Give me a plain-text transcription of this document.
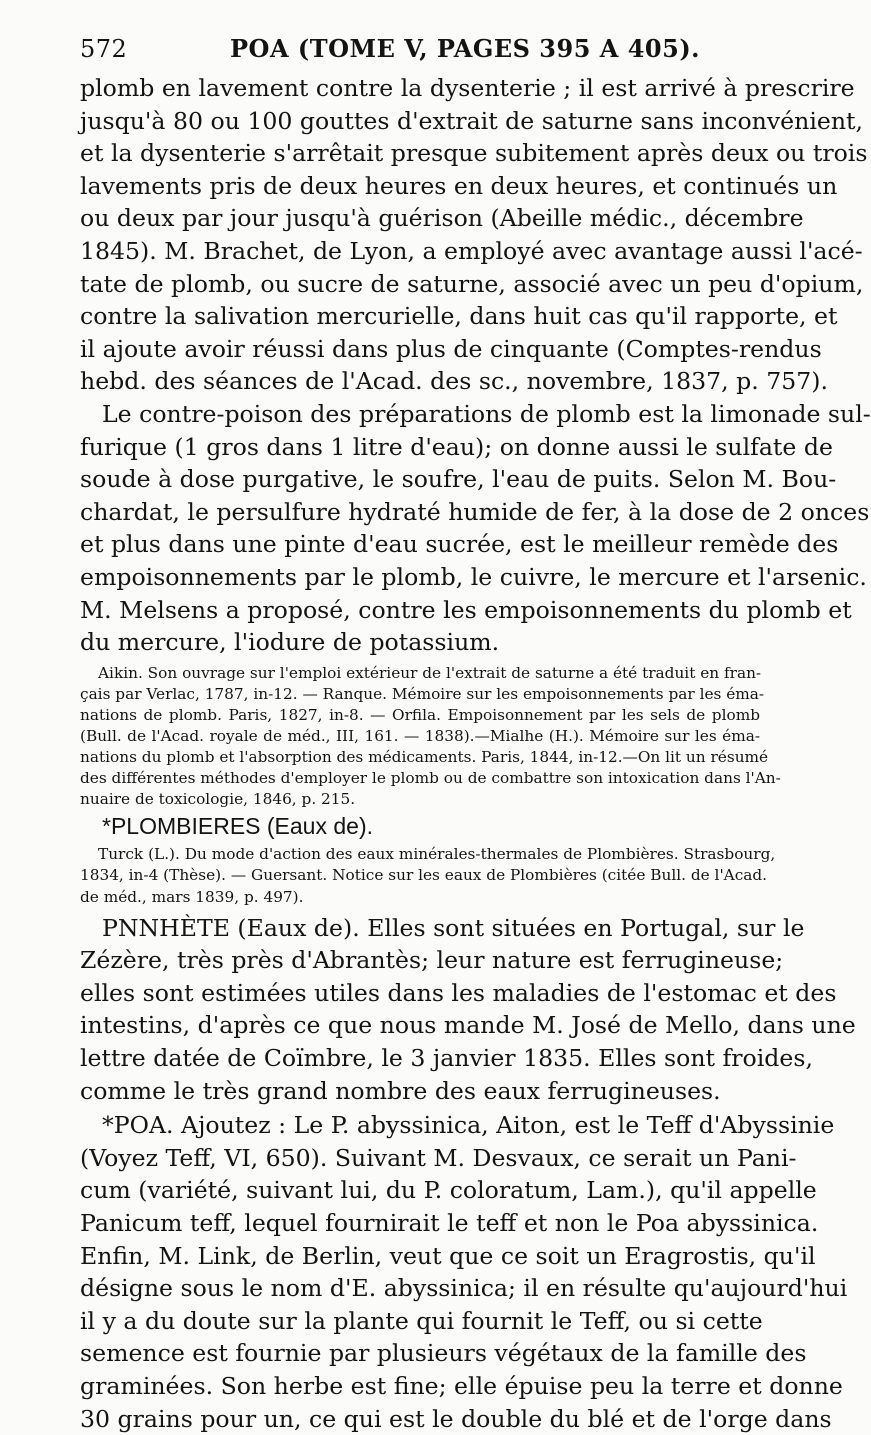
572	POA (TOME V, PAGES 395 A 405).
plomb en lavement contre la dysenterie ; il est arrivé à prescrire
jusqu'à 80 ou 100 gouttes d'extrait de saturne sans inconvénient,
et la dysenterie s'arrêtait presque subitement après deux ou trois
lavements pris de deux heures en deux heures, et continués un
ou deux par jour jusqu'à guérison (Abeille médic., décembre
1845). M. Brachet, de Lyon, a employé avec avantage aussi l'acé-
tate de plomb, ou sucre de saturne, associé avec un peu d'opium,
contre la salivation mercurielle, dans huit cas qu'il rapporte, et
il ajoute avoir réussi dans plus de cinquante (Comptes-rendus
hebd. des séances de l'Acad. des sc., novembre, 1837, p. 757).
Le contre-poison des préparations de plomb est la limonade sul-
furique (1 gros dans 1 litre d'eau); on donne aussi le sulfate de
soude à dose purgative, le soufre, l'eau de puits. Selon M. Bou-
chardat, le persulfure hydraté humide de fer, à la dose de 2 onces
et plus dans une pinte d'eau sucrée, est le meilleur remède des
empoisonnements par le plomb, le cuivre, le mercure et l'arsenic.
M. Melsens a proposé, contre les empoisonnements du plomb et
du mercure, l'iodure de potassium.
Aikin. Son ouvrage sur l'emploi extérieur de l'extrait de saturne a été traduit en fran-
çais par Verlac, 1787, in-12. — Ranque. Mémoire sur les empoisonnements par les éma-
nations de plomb. Paris, 1827, in-8. — Orfila. Empoisonnement par les sels de plomb
(Bull. de l'Acad. royale de méd., III, 161. — 1838).—Mialhe (H.). Mémoire sur les éma-
nations du plomb et l'absorption des médicaments. Paris, 1844, in-12.—On lit un résumé
des différentes méthodes d'employer le plomb ou de combattre son intoxication dans l'An-
nuaire de toxicologie, 1846, p. 215.
*PLOMBIERES (Eaux de).
Turck (L.). Du mode d'action des eaux minérales-thermales de Plombières. Strasbourg,
1834, in-4 (Thèse). — Guersant. Notice sur les eaux de Plombières (citée Bull. de l'Acad.
de méd., mars 1839, p. 497).
PNNHÈTE (Eaux de). Elles sont situées en Portugal, sur le
Zézère, très près d'Abrantès; leur nature est ferrugineuse;
elles sont estimées utiles dans les maladies de l'estomac et des
intestins, d'après ce que nous mande M. José de Mello, dans une
lettre datée de Coïmbre, le 3 janvier 1835. Elles sont froides,
comme le très grand nombre des eaux ferrugineuses.
*POA. Ajoutez : Le P. abyssinica, Aiton, est le Teff d'Abyssinie
(Voyez Teff, VI, 650). Suivant M. Desvaux, ce serait un Pani-
cum (variété, suivant lui, du P. coloratum, Lam.), qu'il appelle
Panicum teff, lequel fournirait le teff et non le Poa abyssinica.
Enfin, M. Link, de Berlin, veut que ce soit un Eragrostis, qu'il
désigne sous le nom d'E. abyssinica; il en résulte qu'aujourd'hui
il y a du doute sur la plante qui fournit le Teff, ou si cette
semence est fournie par plusieurs végétaux de la famille des
graminées. Son herbe est fine; elle épuise peu la terre et donne
30 grains pour un, ce qui est le double du blé et de l'orge dans
